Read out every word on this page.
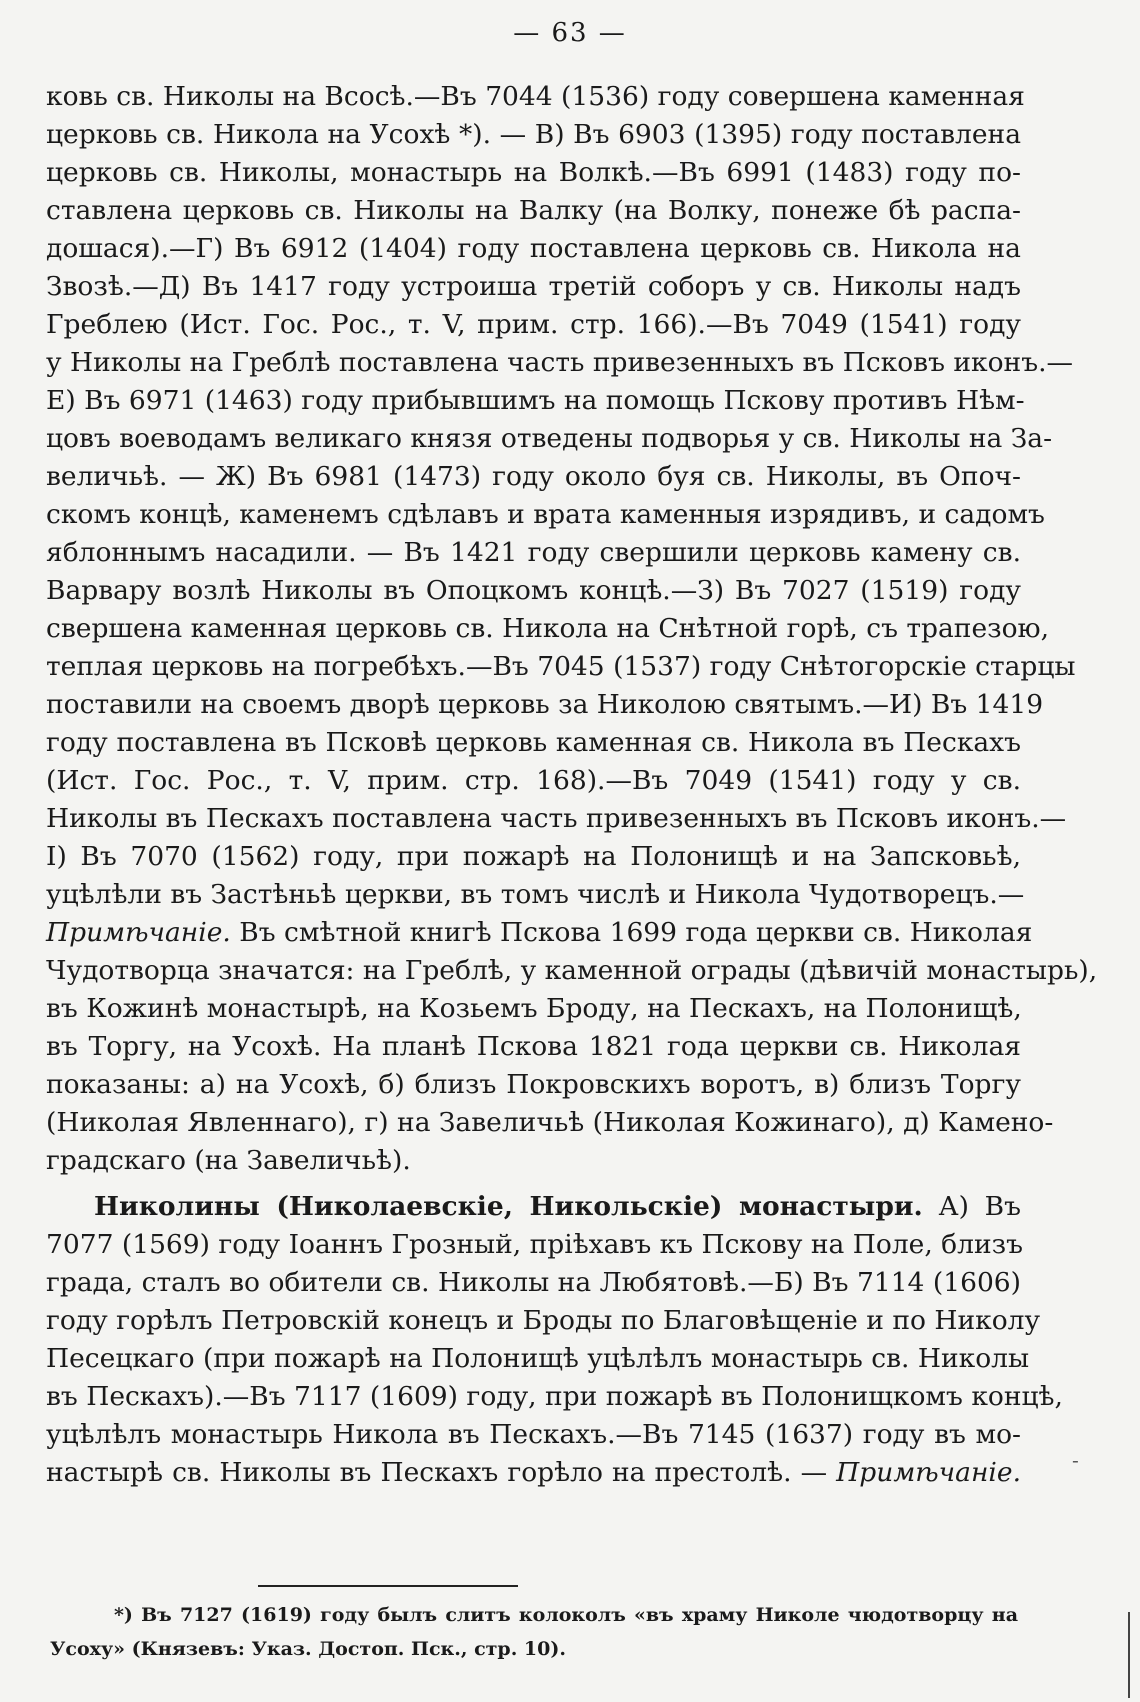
— 63 —
ковь св. Николы на Всосѣ.—Въ 7044 (1536) году совершена каменная
церковь св. Никола на Усохѣ *). — В) Въ 6903 (1395) году поставлена
церковь св. Николы, монастырь на Волкѣ.—Въ 6991 (1483) году по-
ставлена церковь св. Николы на Валку (на Волку, понеже бѣ распа-
дошася).—Г) Въ 6912 (1404) году поставлена церковь св. Никола на
Звозѣ.—Д) Въ 1417 году устроиша третій соборъ у св. Николы надъ
Греблею (Ист. Гос. Рос., т. V, прим. стр. 166).—Въ 7049 (1541) году
у Николы на Греблѣ поставлена часть привезенныхъ въ Псковъ иконъ.—
Е) Въ 6971 (1463) году прибывшимъ на помощь Пскову противъ Нѣм-
цовъ воеводамъ великаго князя отведены подворья у св. Николы на За-
величьѣ. — Ж) Въ 6981 (1473) году около буя св. Николы, въ Опоч-
скомъ концѣ, каменемъ сдѣлавъ и врата каменныя изрядивъ, и садомъ
яблоннымъ насадили. — Въ 1421 году свершили церковь камену св.
Варвару возлѣ Николы въ Опоцкомъ концѣ.—З) Въ 7027 (1519) году
свершена каменная церковь св. Никола на Снѣтной горѣ, съ трапезою,
теплая церковь на погребѣхъ.—Въ 7045 (1537) году Снѣтогорскіе старцы
поставили на своемъ дворѣ церковь за Николою святымъ.—И) Въ 1419
году поставлена въ Псковѣ церковь каменная св. Никола въ Пескахъ
(Ист. Гос. Рос., т. V, прим. стр. 168).—Въ 7049 (1541) году у св.
Николы въ Пескахъ поставлена часть привезенныхъ въ Псковъ иконъ.—
І) Въ 7070 (1562) году, при пожарѣ на Полонищѣ и на Запсковьѣ,
уцѣлѣли въ Застѣньѣ церкви, въ томъ числѣ и Никола Чудотворецъ.—
Примѣчаніе. Въ смѣтной книгѣ Пскова 1699 года церкви св. Николая
Чудотворца значатся: на Греблѣ, у каменной ограды (дѣвичій монастырь),
въ Кожинѣ монастырѣ, на Козьемъ Броду, на Пескахъ, на Полонищѣ,
въ Торгу, на Усохѣ. На планѣ Пскова 1821 года церкви св. Николая
показаны: а) на Усохѣ, б) близъ Покровскихъ воротъ, в) близъ Торгу
(Николая Явленнаго), г) на Завеличьѣ (Николая Кожинаго), д) Камено-
градскаго (на Завеличьѣ).
Николины (Николаевскіе, Никольскіе) монастыри. А) Въ
7077 (1569) году Іоаннъ Грозный, пріѣхавъ къ Пскову на Поле, близъ
града, сталъ во обители св. Николы на Любятовѣ.—Б) Въ 7114 (1606)
году горѣлъ Петровскій конецъ и Броды по Благовѣщеніе и по Николу
Песецкаго (при пожарѣ на Полонищѣ уцѣлѣлъ монастырь св. Николы
въ Пескахъ).—Въ 7117 (1609) году, при пожарѣ въ Полонищкомъ концѣ,
уцѣлѣлъ монастырь Никола въ Пескахъ.—Въ 7145 (1637) году въ мо-
настырѣ св. Николы въ Пескахъ горѣло на престолѣ. — Примѣчаніе.	-
*) Въ 7127 (1619) году былъ слитъ колоколъ «въ храму Николе чюдотворцу на
Усоху» (Князевъ: Указ. Достоп. Пск., стр. 10).
